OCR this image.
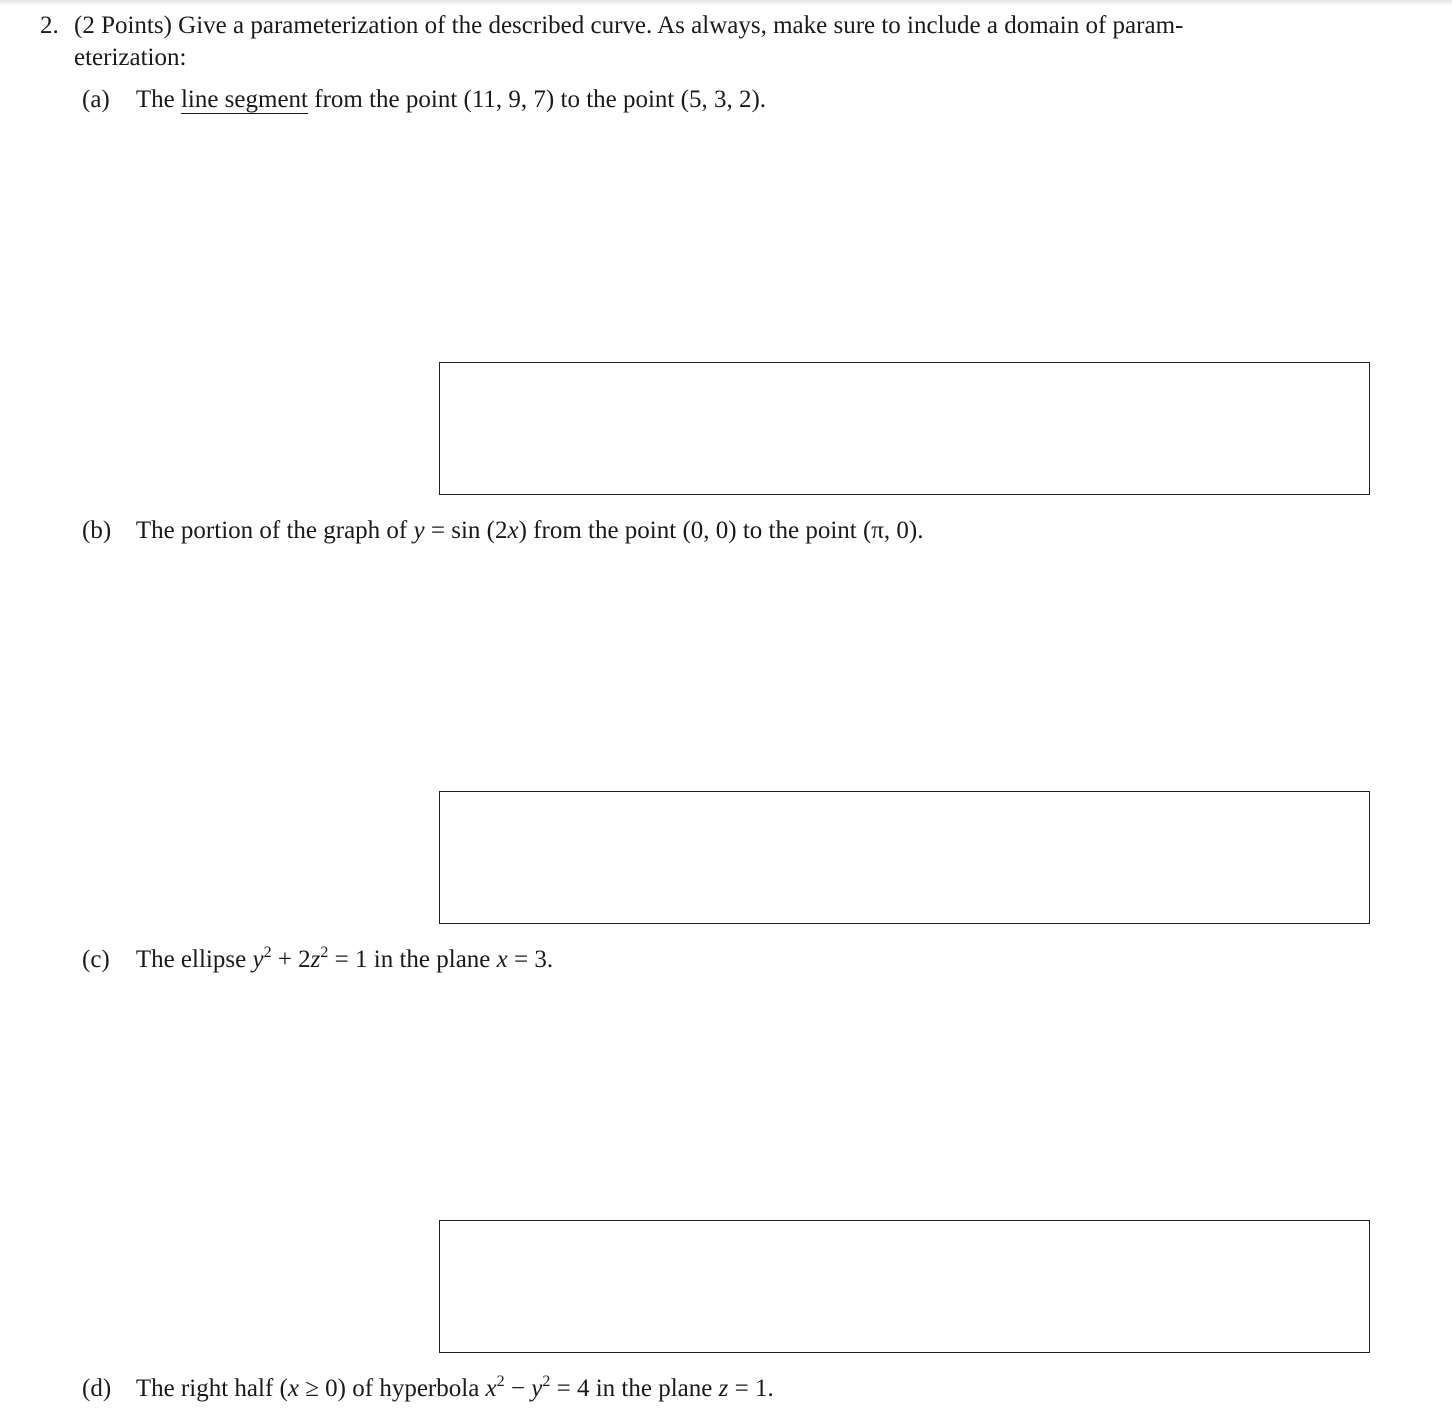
2. (2 Points) Give a parameterization of the described curve. As always, make sure to include a domain of param-
eterization:
(a) The line segment from the point (11, 9, 7) to the point (5, 3, 2).
(b) The portion of the graph of y = sin (2x) from the point (0, 0) to the point (π, 0).
(c) The ellipse $y^2 + 2z^2 = 1$ in the plane x = 3.
(d) The right half (x ≥ 0) of hyperbola $x^2 - y^2 = 4$ in the plane z = 1.
